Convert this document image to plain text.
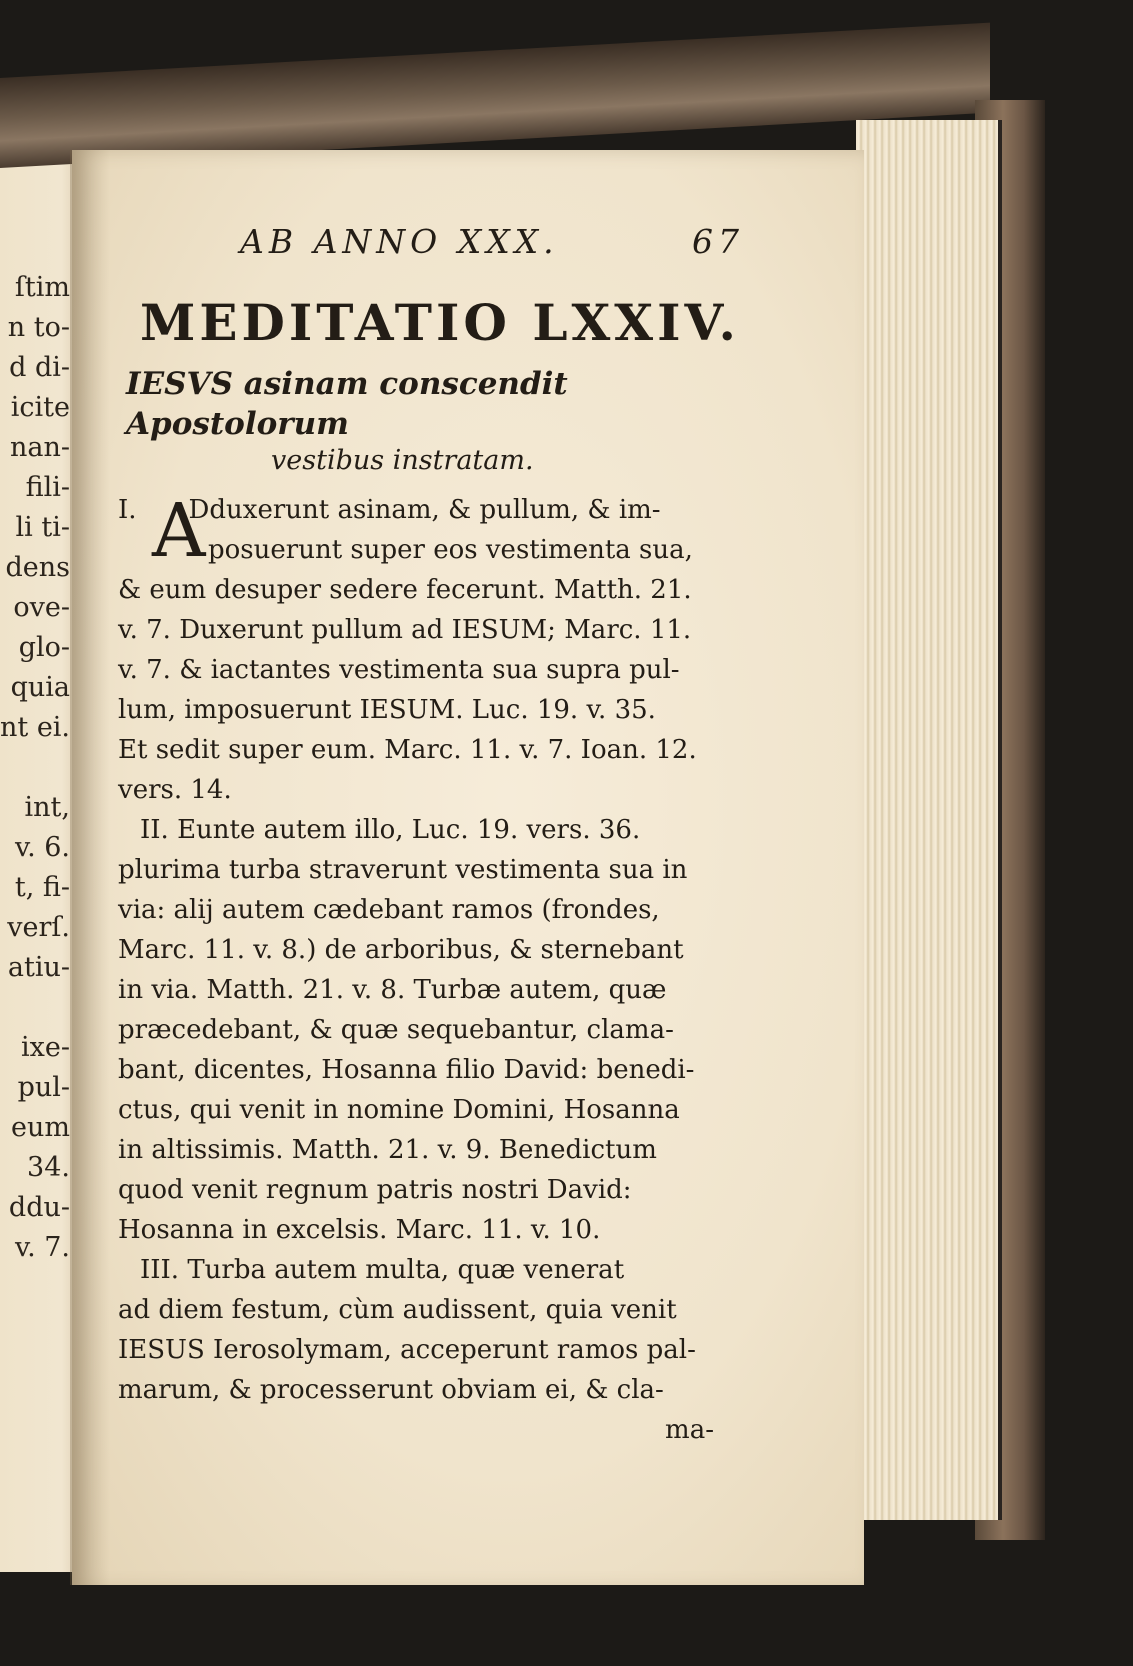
ſtim
n to-
d di-
icite
nan-
fili-
li ti-
dens
ove-
glo-
quia
nt ei.

int,
v. 6.
t, fi-
verſ.
atiu-

ixe-
pul-
eum
34.
ddu-
v. 7.
AB ANNO XXX.	67
MEDITATIO LXXIV.
IESVS asinam conscendit Apostolorum
vestibus instratam.
A
I. Dduxerunt asinam, & pullum, & im-
posuerunt super eos vestimenta sua,
& eum desuper sedere fecerunt. Matth. 21.
v. 7. Duxerunt pullum ad IESUM; Marc. 11.
v. 7. & iactantes vestimenta sua supra pul-
lum, imposuerunt IESUM. Luc. 19. v. 35.
Et sedit super eum. Marc. 11. v. 7. Ioan. 12.
vers. 14.
II. Eunte autem illo, Luc. 19. vers. 36.
plurima turba straverunt vestimenta sua in
via: alij autem cædebant ramos (frondes,
Marc. 11. v. 8.) de arboribus, & sternebant
in via. Matth. 21. v. 8. Turbæ autem, quæ
præcedebant, & quæ sequebantur, clama-
bant, dicentes, Hosanna filio David: benedi-
ctus, qui venit in nomine Domini, Hosanna
in altissimis. Matth. 21. v. 9. Benedictum
quod venit regnum patris nostri David:
Hosanna in excelsis. Marc. 11. v. 10.
III. Turba autem multa, quæ venerat
ad diem festum, cùm audissent, quia venit
IESUS Ierosolymam, acceperunt ramos pal-
marum, & processerunt obviam ei, & cla-
ma-
